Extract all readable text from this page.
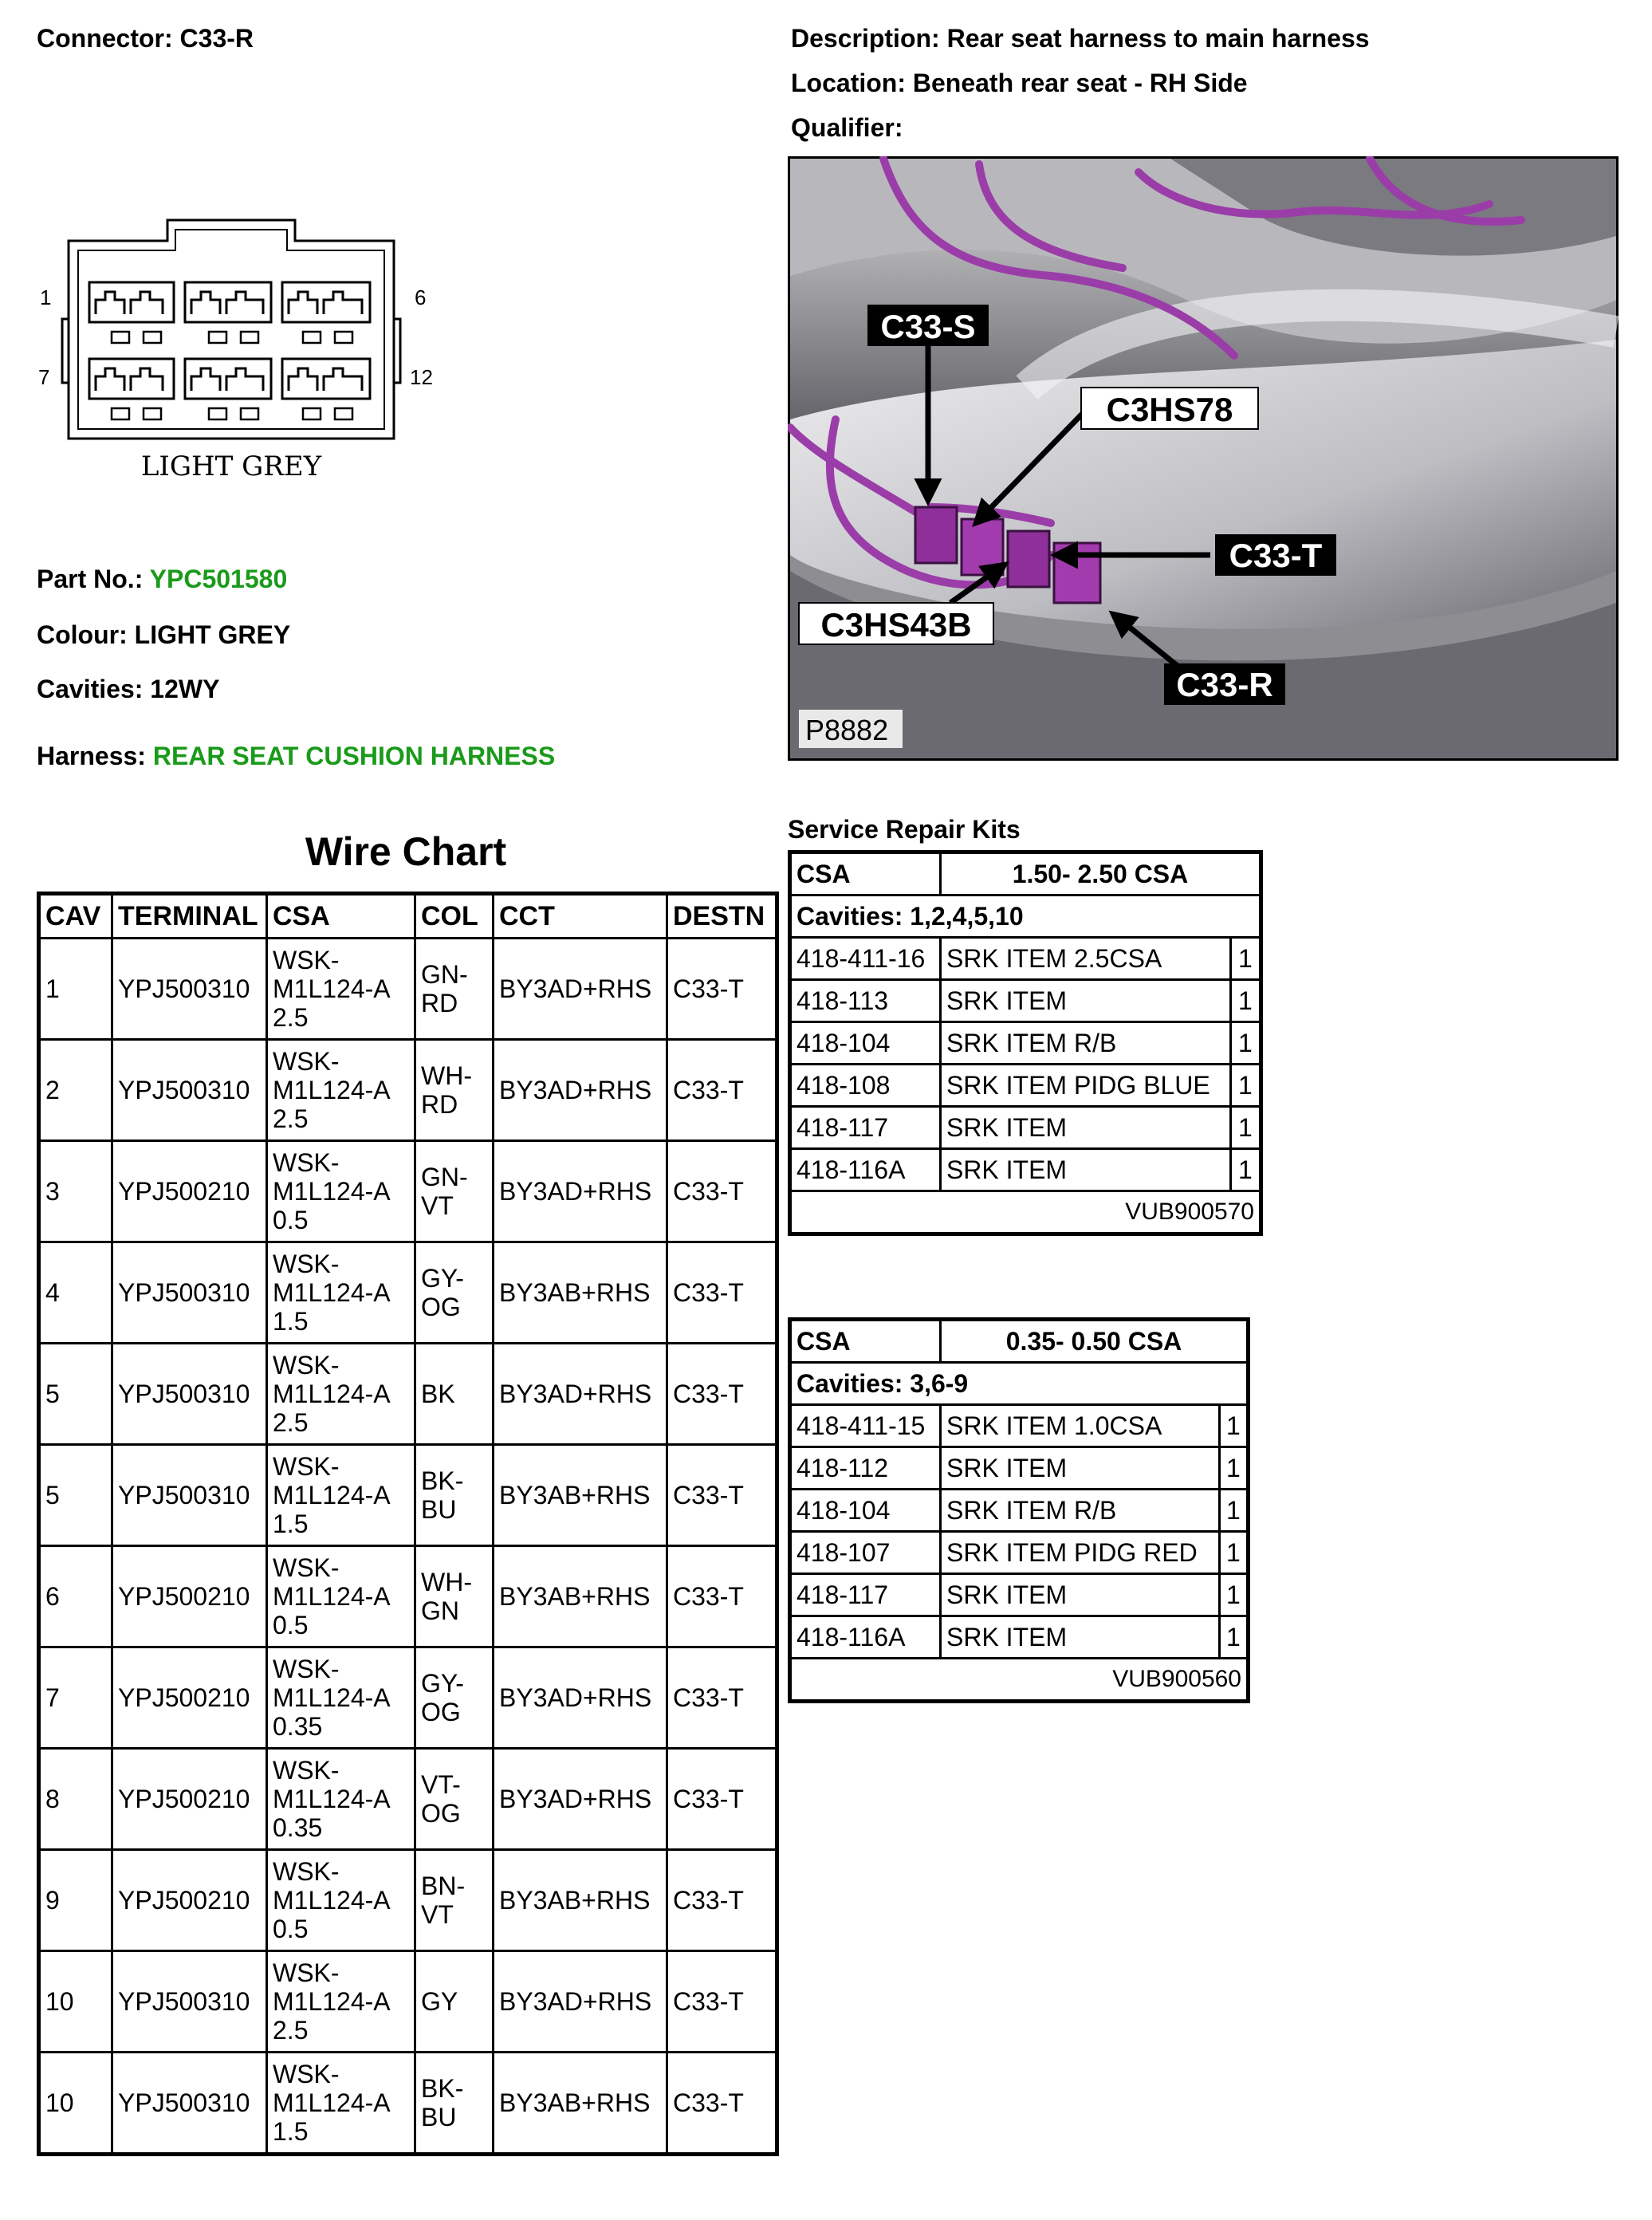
Connector: C33-R	Description: Rear seat harness to main harness
Location: Beneath rear seat - RH Side
Qualifier:
1	6
7	12
LIGHT GREY
Part No.: YPC501580
Colour: LIGHT GREY
Cavities: 12WY
Harness: REAR SEAT CUSHION HARNESS
C33-S
C3HS78
C33-T
C3HS43B
C33-R
P8882
Wire Chart
CAV	TERMINAL	CSA	COL	CCT	DESTN
1	YPJ500310	WSK-M1L124-A 2.5	GN-RD	BY3AD+RHS	C33-T
2	YPJ500310	WSK-M1L124-A 2.5	WH-RD	BY3AD+RHS	C33-T
3	YPJ500210	WSK-M1L124-A 0.5	GN-VT	BY3AD+RHS	C33-T
4	YPJ500310	WSK-M1L124-A 1.5	GY-OG	BY3AB+RHS	C33-T
5	YPJ500310	WSK-M1L124-A 2.5	BK	BY3AD+RHS	C33-T
5	YPJ500310	WSK-M1L124-A 1.5	BK-BU	BY3AB+RHS	C33-T
6	YPJ500210	WSK-M1L124-A 0.5	WH-GN	BY3AB+RHS	C33-T
7	YPJ500210	WSK-M1L124-A 0.35	GY-OG	BY3AD+RHS	C33-T
8	YPJ500210	WSK-M1L124-A 0.35	VT-OG	BY3AD+RHS	C33-T
9	YPJ500210	WSK-M1L124-A 0.5	BN-VT	BY3AB+RHS	C33-T
10	YPJ500310	WSK-M1L124-A 2.5	GY	BY3AD+RHS	C33-T
10	YPJ500310	WSK-M1L124-A 1.5	BK-BU	BY3AB+RHS	C33-T
Service Repair Kits
CSA	1.50- 2.50 CSA	
Cavities: 1,2,4,5,10		
418-411-16	SRK ITEM 2.5CSA	1
418-113	SRK ITEM	1
418-104	SRK ITEM R/B	1
418-108	SRK ITEM PIDG BLUE	1
418-117	SRK ITEM	1
418-116A	SRK ITEM	1
VUB900570		
CSA	0.35- 0.50 CSA	
Cavities: 3,6-9		
418-411-15	SRK ITEM 1.0CSA	1
418-112	SRK ITEM	1
418-104	SRK ITEM R/B	1
418-107	SRK ITEM PIDG RED	1
418-117	SRK ITEM	1
418-116A	SRK ITEM	1
VUB900560		
